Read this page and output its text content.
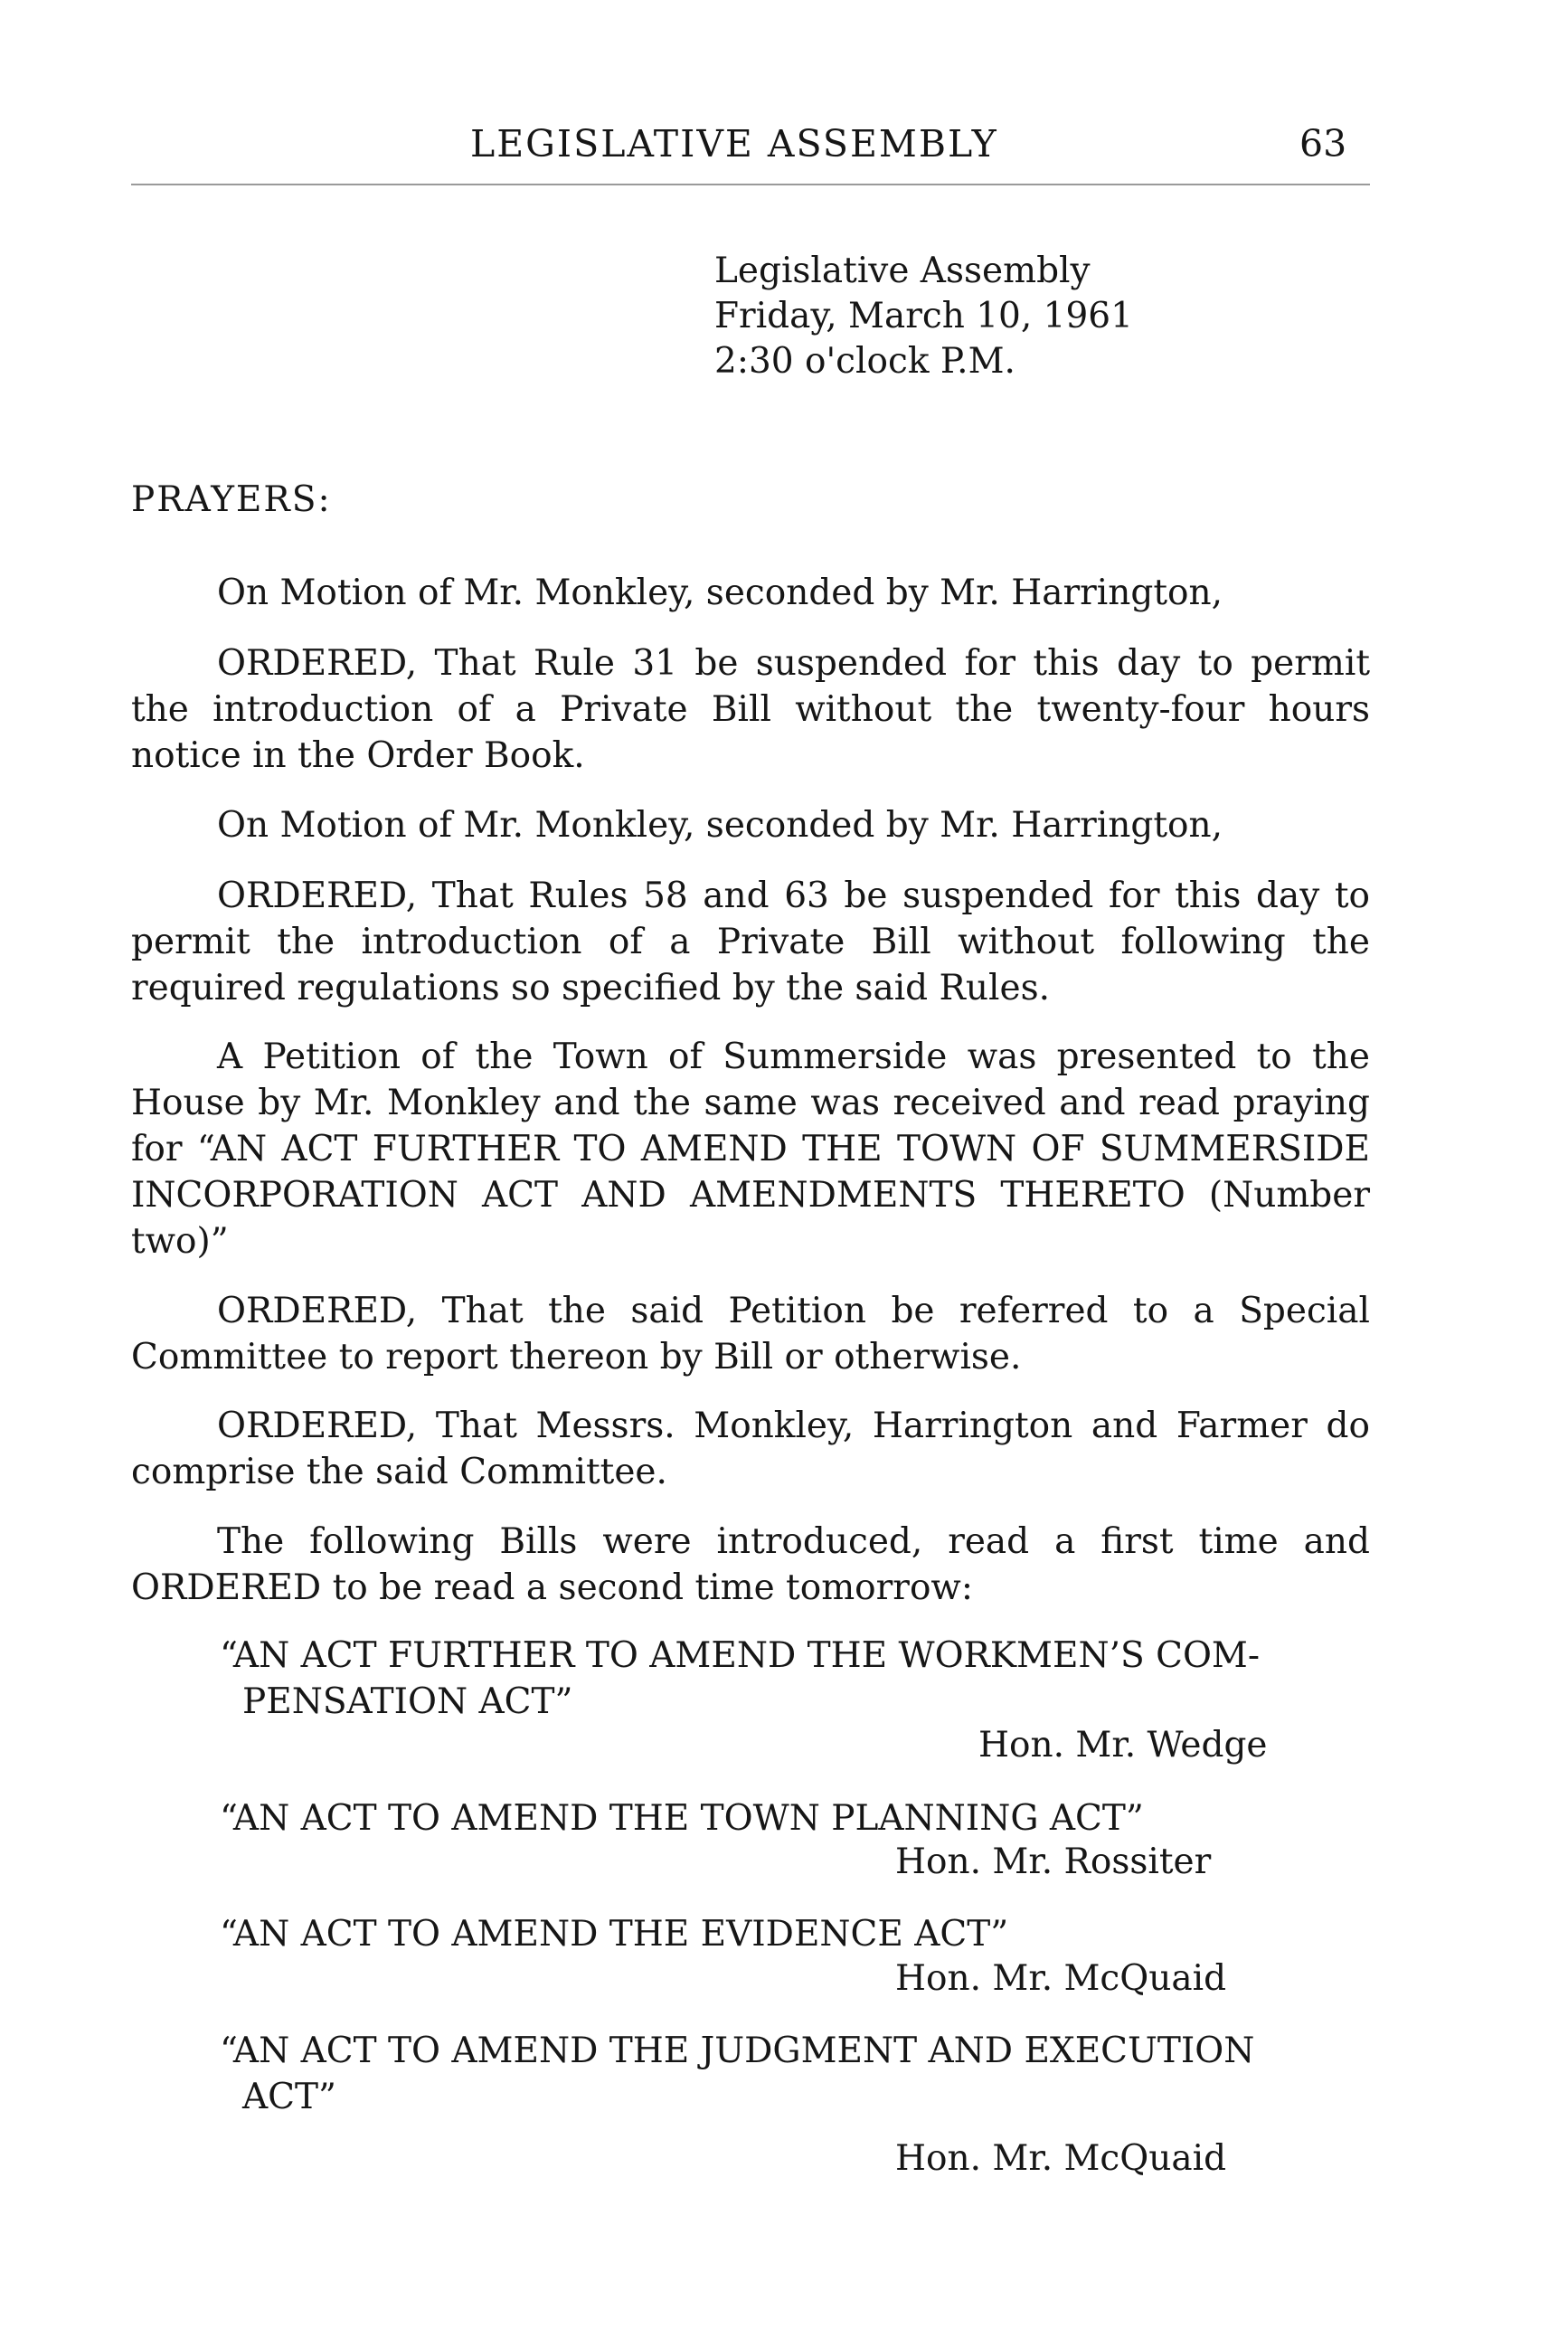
LEGISLATIVE ASSEMBLY	63
Legislative Assembly
Friday, March 10, 1961
2:30 o'clock P.M.
PRAYERS:

On Motion of Mr. Monkley, seconded by Mr. Harrington,

ORDERED, That Rule 31 be suspended for this day to permit the introduction of a Private Bill without the twenty-four hours notice in the Order Book.

On Motion of Mr. Monkley, seconded by Mr. Harrington,

ORDERED, That Rules 58 and 63 be suspended for this day to permit the introduction of a Private Bill without following the required regulations so specified by the said Rules.

A Petition of the Town of Summerside was presented to the House by Mr. Monkley and the same was received and read praying for “AN ACT FURTHER TO AMEND THE TOWN OF SUMMERSIDE INCORPORATION ACT AND AMENDMENTS THERETO (Number two)”

ORDERED, That the said Petition be referred to a Special Committee to report thereon by Bill or otherwise.

ORDERED, That Messrs. Monkley, Harrington and Farmer do comprise the said Committee.

The following Bills were introduced, read a first time and ORDERED to be read a second time tomorrow:

“AN ACT FURTHER TO AMEND THE WORKMEN’S COM-
PENSATION ACT”
Hon. Mr. Wedge
“AN ACT TO AMEND THE TOWN PLANNING ACT”
Hon. Mr. Rossiter
“AN ACT TO AMEND THE EVIDENCE ACT”
Hon. Mr. McQuaid
“AN ACT TO AMEND THE JUDGMENT AND EXECUTION
ACT”
Hon. Mr. McQuaid
